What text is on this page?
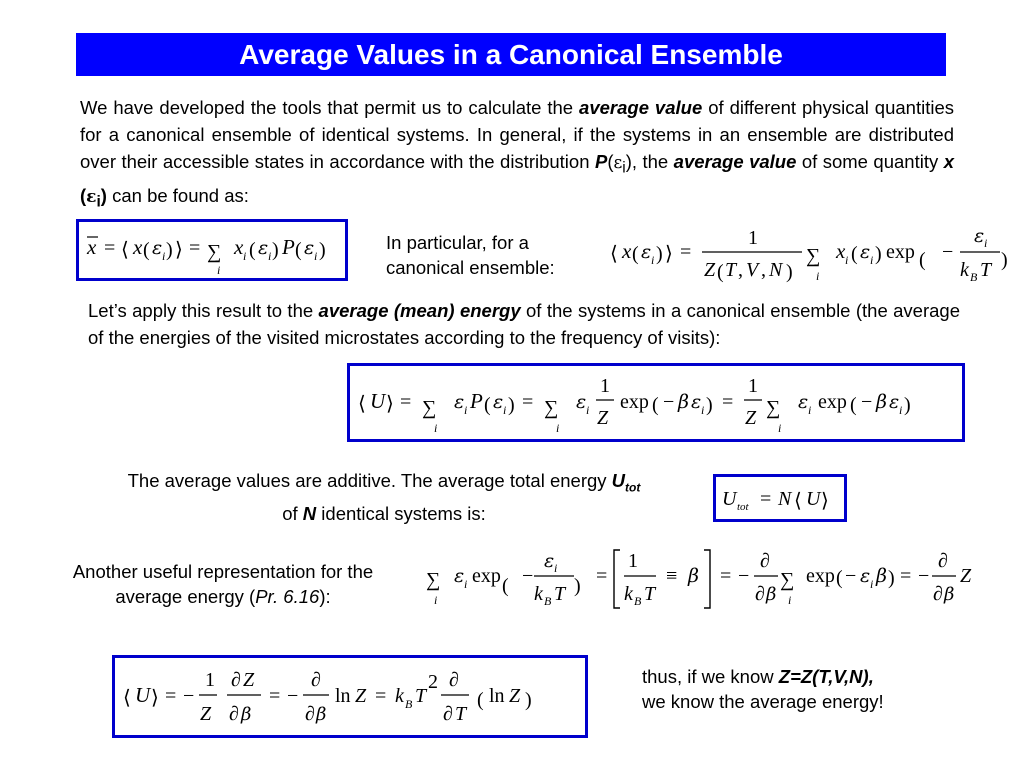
Average Values in a Canonical Ensemble
We have developed the tools that permit us to calculate the average value of different physical quantities for a canonical ensemble of identical systems. In general, if the systems in an ensemble are distributed over their accessible states in accordance with the distribution $P(\varepsilon_i)$, the average value of some quantity x $(\varepsilon_i)$ can be found as:
x = ⟨ x ( ε i ) ⟩ = ∑
i
x i ( ε i ) P ( ε i )	In particular, for a canonical ensemble:
⟨ x ( ε i ) ⟩ =
1
Z ( T , V , N )
∑
i
x i ( ε i ) exp ( −
ε i
k B T )
Let’s apply this result to the average (mean) energy of the systems in a canonical ensemble (the average of the energies of the visited microstates according to the frequency of visits):
⟨ U ⟩ = ∑
i
ε i P ( ε i ) = ∑
i
ε i
1
Z
exp ( − β ε i ) =
1
Z ∑
i
ε i exp ( − β ε i )
The average values are additive. The average total energy $U_{tot}$ of N identical systems is:
U tot = N ⟨ U ⟩
Another useful representation for the average energy (Pr. 6.16):
∑
i
ε i exp ( −
ε i
k B T ) =
1
k B T
≡ β = −
∂
∂ β
∑
i
exp ( − ε i β ) = −
∂
∂ β
Z
⟨ U ⟩ = −
1
Z
∂ Z
∂ β
= −
∂
∂ β
ln Z = k B T
2 ∂
∂ T
( ln Z )
thus, if we know Z=Z(T,V,N),
we know the average energy!
